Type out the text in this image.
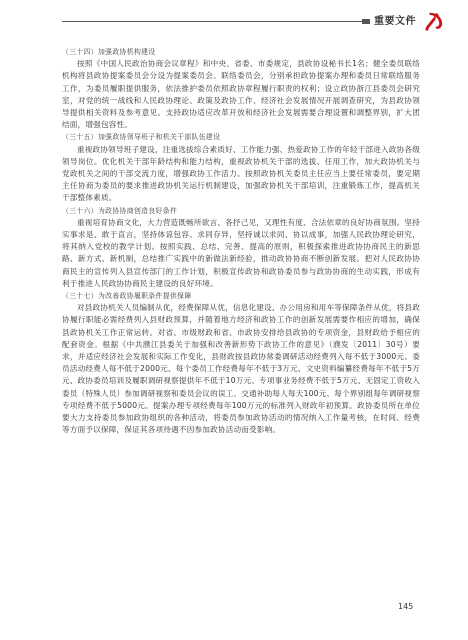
重要文件

（三十四）加强政协机构建设

按照《中国人民政治协商会议章程》和中央、省委、市委规定，县政协设秘书长1名；健全委员联络机构将县政协提案委员会分设为提案委员会、联络委员会，分别承担政协提案办理和委员日常联络服务工作，为委员履职提供服务，依法推护委员依照政协章程履行职责的权利；设立政协浙江县委员会研究室，对党的统一战线和人民政协理论、政策及政协工作、经济社会发展情况开展调查研究，为县政协领导提供相关资料及参考意见。支持政协适应改革开放和经济社会发展需要合理设置和调整界别，扩大团结面，增强包容性。

（三十五）加强政协领导班子和机关干部队伍建设

重视政协领导班子建设，注重选拔综合素质好、工作能力强、热爱政协工作的年轻干部进入政协各级领导岗位。优化机关干部年龄结构和能力结构，重视政协机关干部的选拔、任用工作，加大政协机关与党政机关之间的干部交流力度，增强政协工作活力。按照政协机关委员主任应当上要任常委员，要定期主任协商为委员的要求推进政协机关运行机制建设，加强政协机关干部培训，注重锻炼工作，提高机关干部整体素质。

（三十六）为政协协商创造良好条件

重视培育协商文化，大力营造既畅所欲言、各抒己见，又理性有度、合法依章的良好协商氛围。坚持实事求是、敢于直言，坚持体谅包容、求同存异，坚持诚以求同、协以成事，加强人民政协理论研究，将其纳入党校的教学计划。按照实践、总结、完善、提高的原则，积极探索推进政协协商民主的新思路、新方式、新机制，总结推广实践中的新做法新经验，推动政协协商不断创新发展。把对人民政协协商民主的宣传列入县宣传部门的工作计划，积极宣传政协和政协委员参与政协协商的生动实践，形成有利于推进人民政协协商民主建设的良好环境。

（三十七）为改善政协履职条件提供保障

对县政协机关人员编制从优，经费保障从优，信息化建设、办公用房和用车等保障条件从优，将县政协履行职能必需经费列入县财政预算，并随着地方经济和政协工作的创新发展需要作相应的增加，确保县政协机关工作正常运转。对省、市级财政和省、市政协安排给县政协的专项资金，县财政给予相应的配套资金。根据《中共濮江县委关于加强和改善新形势下政协工作的意见》（濮发〔2011〕30号）要求，并适应经济社会发展和实际工作变化，县财政按县政协常委调研活动经费列入每不低于3000元、委员活动经费人每不低于2000元、每个委员工作经费每年不低于3万元、文史资料编纂经费每年不低于5万元、政协委员培训及履职调研视察提供年不低于10万元、专项事业务经费不低于5万元、无固定工资收入委员（特殊人员）参加调研视察和委员会议的误工、交通补助每人每天100元、每个界别组每年调研视察专项经费不低于5000元。提案办理专项经费每年100万元的标准列入财政年初预算。政协委员所在单位要大力支持委员参加政协组织的各种活动，将委员参加政协活动的情况纳入工作量考核，在时间、经费等方面予以保障，保证其各项待遇不因参加政协活动而受影响。

145
